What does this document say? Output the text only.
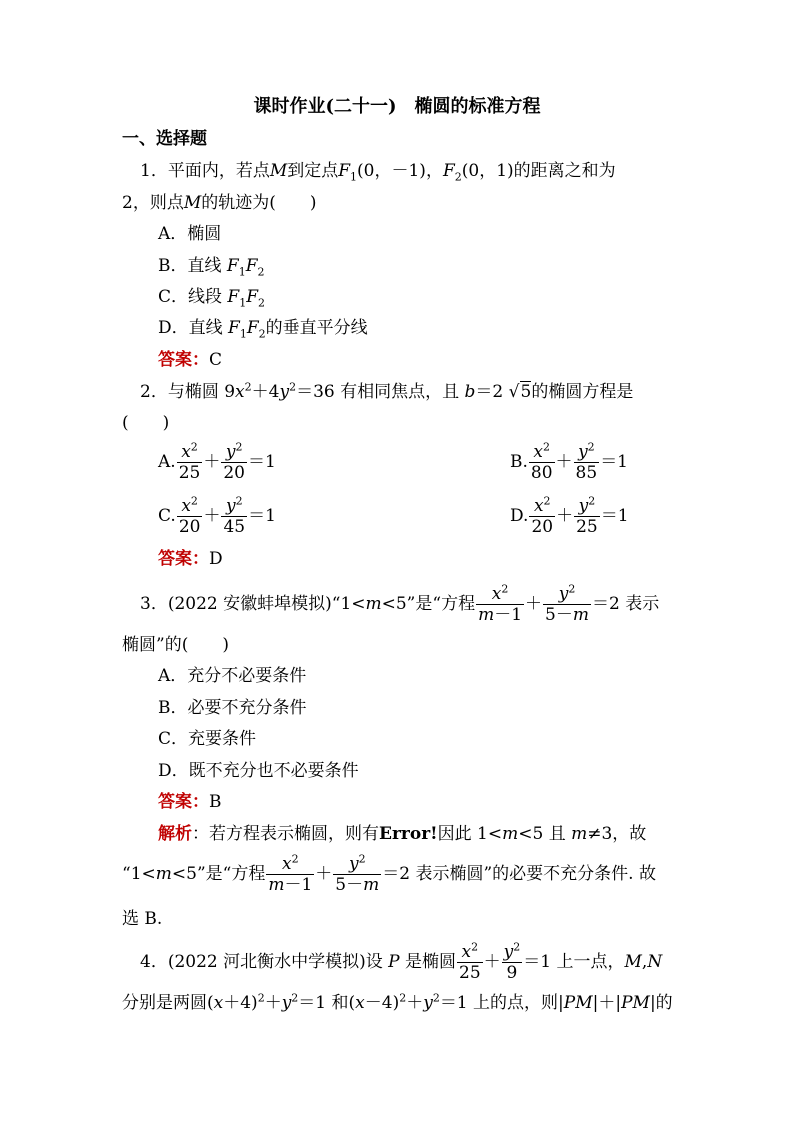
课时作业(二十一)　椭圆的标准方程
一、选择题
1．平面内，若点M到定点$F_1(0$，－1)，$F_2(0$，1)的距离之和为
2，则点M的轨迹为(　　)
A．椭圆
B．直线 $F_1F_2$
C．线段 $F_1F_2$
D．直线 $F_1F_2$的垂直平分线
答案：C
2．与椭圆 $9x^2+4y^2=36$ 有相同焦点，且 b＝2 √5的椭圆方程是
(　　)
A. $\frac{x^2}{25} + \frac{y^2}{20} =1$	B. $\frac{x^2}{80} + \frac{y^2}{85} =1$
C. $\frac{x^2}{20} + \frac{y^2}{45} =1$	D. $\frac{x^2}{20} + \frac{y^2}{25} =1$
答案：D
3．(2022 安徽蚌埠模拟)“1<m<5”是“方程 $\frac{x^2}{m-1} + \frac{y^2}{5-m} =2$ 表示
椭圆”的(　　)
A．充分不必要条件
B．必要不充分条件
C．充要条件
D．既不充分也不必要条件
答案：B
解析：若方程表示椭圆，则有Error!因此 1<m<5 且 m≠3，故
“1<m<5”是“方程 $\frac{x^2}{m-1} + \frac{y^2}{5-m} =2$ 表示椭圆”的必要不充分条件. 故
选 B.
4．(2022 河北衡水中学模拟)设 P 是椭圆 $\frac{x^2}{25} + \frac{y^2}{9} =1$ 上一点，M,N
分别是两圆$(x+4)^2+y^2=1$ 和$(x-4)^2+y^2=1$ 上的点，则|PM|＋|PM|的
